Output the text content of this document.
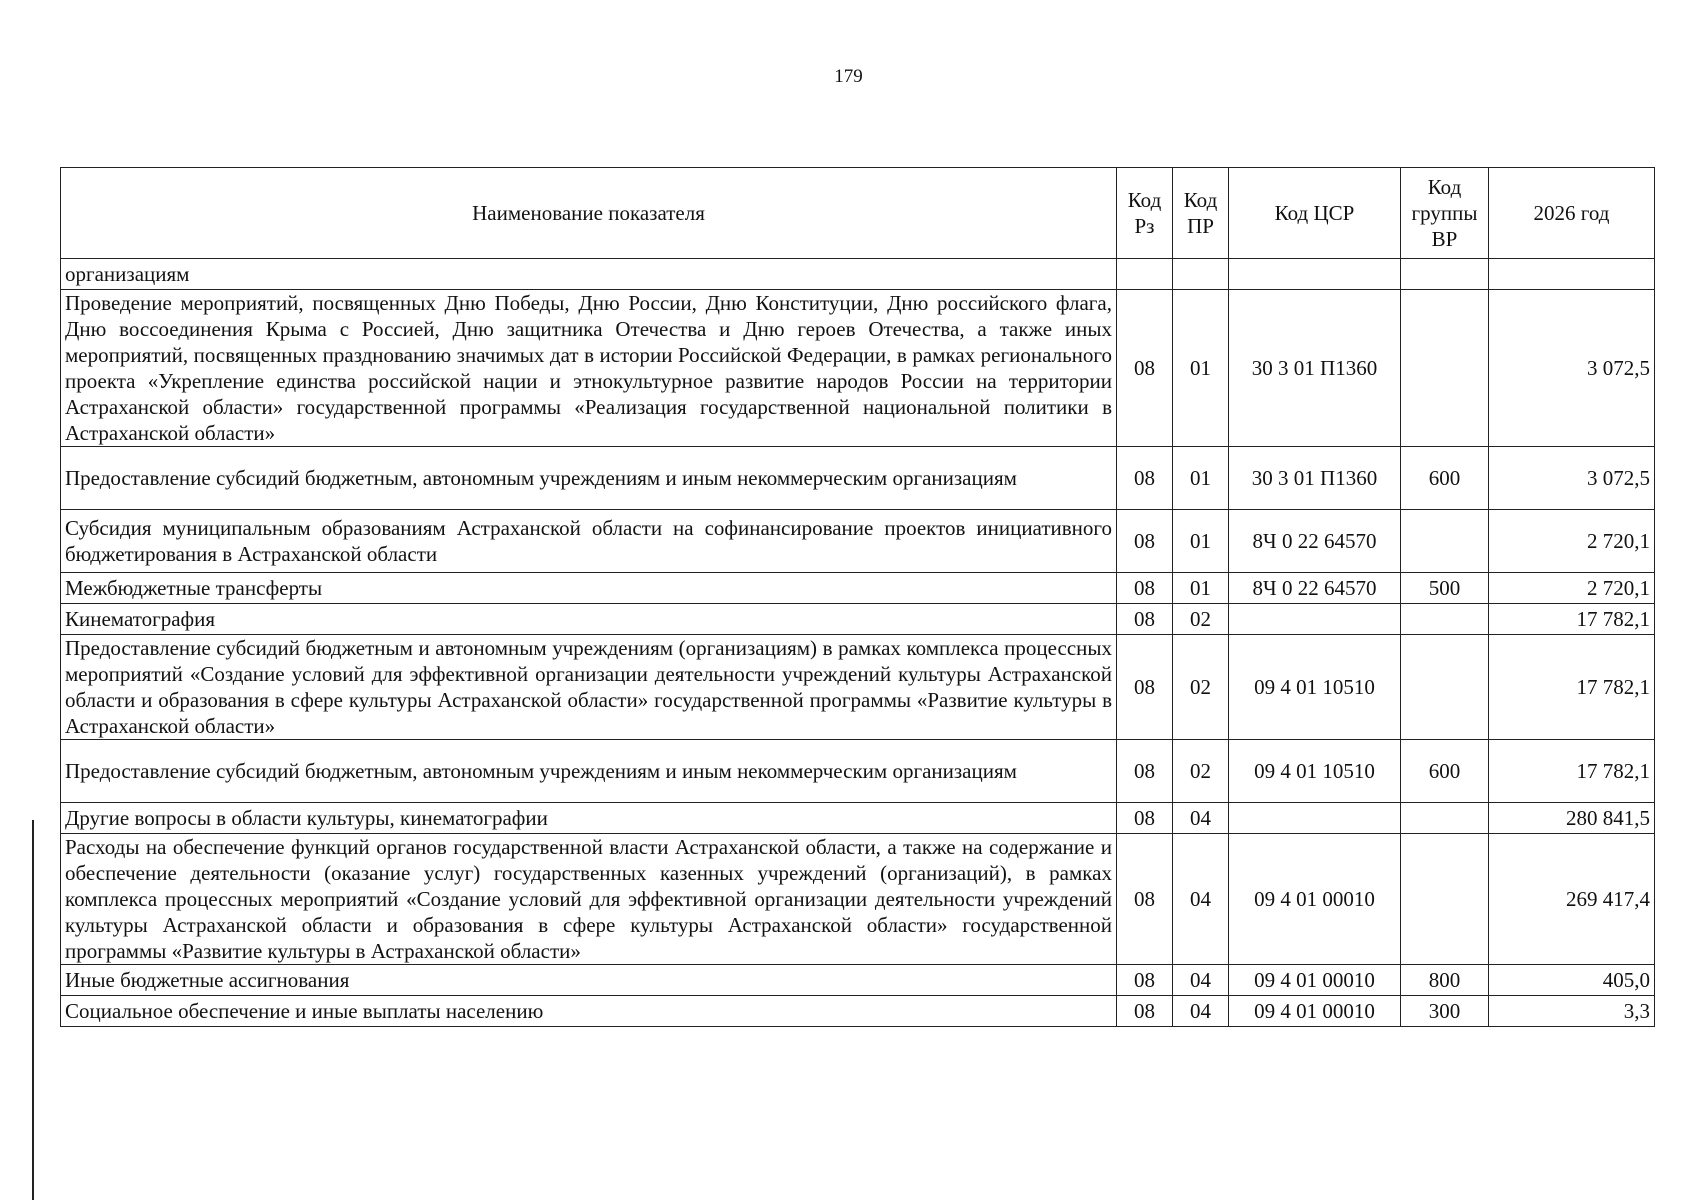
179
Наименование показателя	Код Рз	Код ПР	Код ЦСР	Код группы ВР	2026 год
организациям					
Проведение мероприятий, посвященных Дню Победы, Дню России, Дню Конституции, Дню российского флага, Дню воссоединения Крыма с Россией, Дню защитника Отечества и Дню героев Отечества, а также иных мероприятий, посвященных празднованию значимых дат в истории Российской Федерации, в рамках регионального проекта «Укрепление единства российской нации и этнокультурное развитие народов России на территории Астраханской области» государственной программы «Реализация государственной национальной политики в Астраханской области»	08	01	30 3 01 П1360		3 072,5
Предоставление субсидий бюджетным, автономным учреждениям и иным некоммерческим организациям	08	01	30 3 01 П1360	600	3 072,5
Субсидия муниципальным образованиям Астраханской области на софинансирование проектов инициативного бюджетирования в Астраханской области	08	01	8Ч 0 22 64570		2 720,1
Межбюджетные трансферты	08	01	8Ч 0 22 64570	500	2 720,1
Кинематография	08	02			17 782,1
Предоставление субсидий бюджетным и автономным учреждениям (организациям) в рамках комплекса процессных мероприятий «Создание условий для эффективной организации деятельности учреждений культуры Астраханской области и образования в сфере культуры Астраханской области» государственной программы «Развитие культуры в Астраханской области»	08	02	09 4 01 10510		17 782,1
Предоставление субсидий бюджетным, автономным учреждениям и иным некоммерческим организациям	08	02	09 4 01 10510	600	17 782,1
Другие вопросы в области культуры, кинематографии	08	04			280 841,5
Расходы на обеспечение функций органов государственной власти Астраханской области, а также на содержание и обеспечение деятельности (оказание услуг) государственных казенных учреждений (организаций), в рамках комплекса процессных мероприятий «Создание условий для эффективной организации деятельности учреждений культуры Астраханской области и образования в сфере культуры Астраханской области» государственной программы «Развитие культуры в Астраханской области»	08	04	09 4 01 00010		269 417,4
Иные бюджетные ассигнования	08	04	09 4 01 00010	800	405,0
Социальное обеспечение и иные выплаты населению	08	04	09 4 01 00010	300	3,3
